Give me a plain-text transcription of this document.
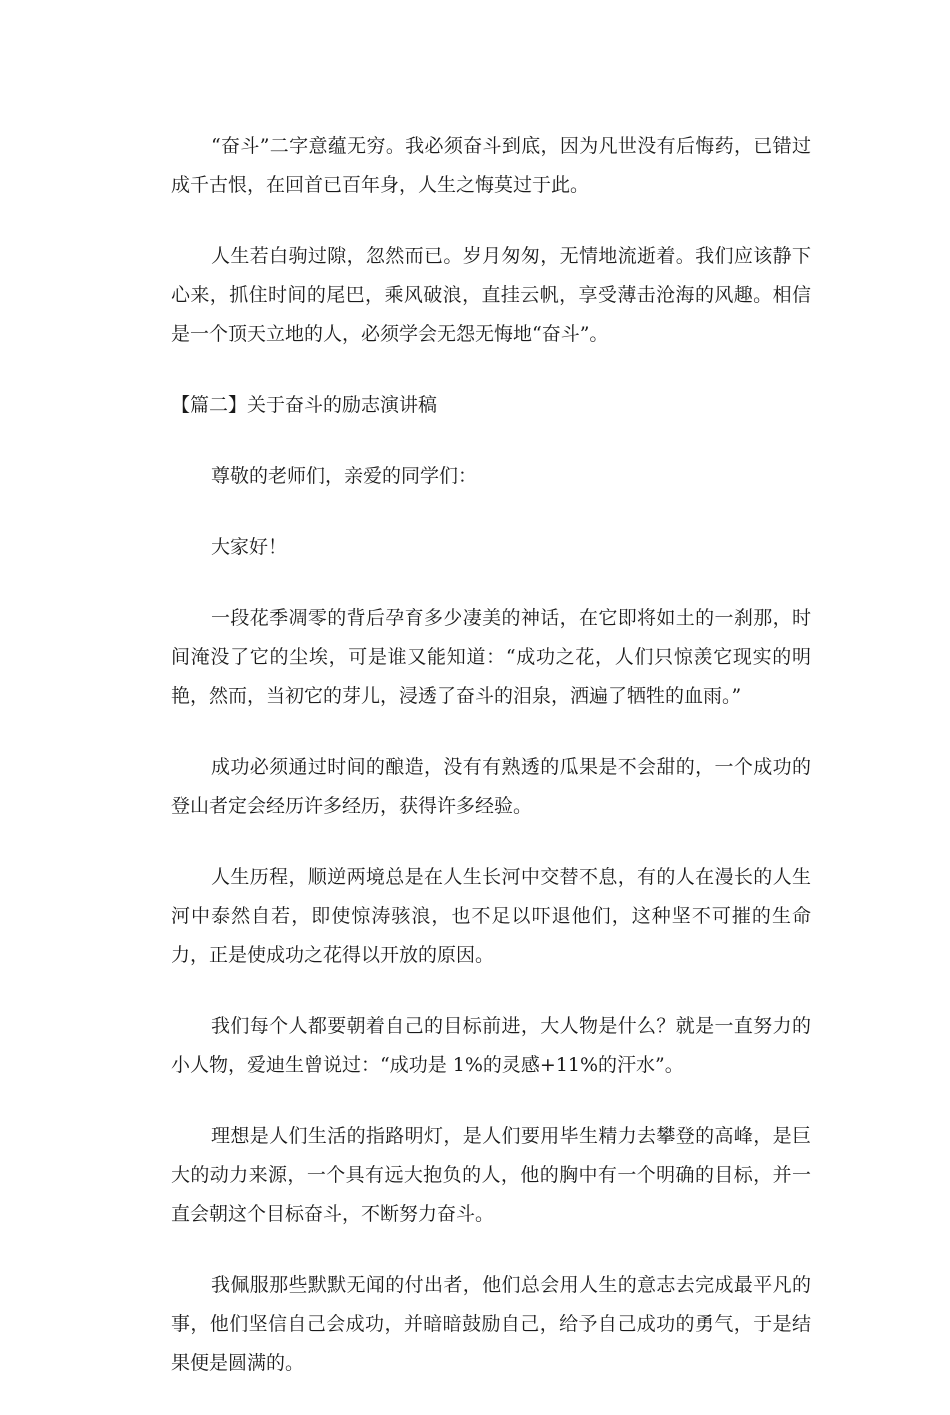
“奋斗”二字意蕴无穷。我必须奋斗到底，因为凡世没有后悔药，已错过成千古恨，在回首已百年身，人生之悔莫过于此。

人生若白驹过隙，忽然而已。岁月匆匆，无情地流逝着。我们应该静下心来，抓住时间的尾巴，乘风破浪，直挂云帆，享受薄击沧海的风趣。相信是一个顶天立地的人，必须学会无怨无悔地“奋斗”。

【篇二】关于奋斗的励志演讲稿

尊敬的老师们，亲爱的同学们：

大家好！

一段花季凋零的背后孕育多少凄美的神话，在它即将如土的一刹那，时间淹没了它的尘埃，可是谁又能知道：“成功之花，人们只惊羡它现实的明艳，然而，当初它的芽儿，浸透了奋斗的泪泉，洒遍了牺牲的血雨。”

成功必须通过时间的酿造，没有有熟透的瓜果是不会甜的，一个成功的登山者定会经历许多经历，获得许多经验。

人生历程，顺逆两境总是在人生长河中交替不息，有的人在漫长的人生河中泰然自若，即使惊涛骇浪，也不足以吓退他们，这种坚不可摧的生命力，正是使成功之花得以开放的原因。

我们每个人都要朝着自己的目标前进，大人物是什么？就是一直努力的小人物，爱迪生曾说过：“成功是 1%的灵感+11%的汗水”。

理想是人们生活的指路明灯，是人们要用毕生精力去攀登的高峰，是巨大的动力来源，一个具有远大抱负的人，他的胸中有一个明确的目标，并一直会朝这个目标奋斗，不断努力奋斗。

我佩服那些默默无闻的付出者，他们总会用人生的意志去完成最平凡的事，他们坚信自己会成功，并暗暗鼓励自己，给予自己成功的勇气，于是结果便是圆满的。
